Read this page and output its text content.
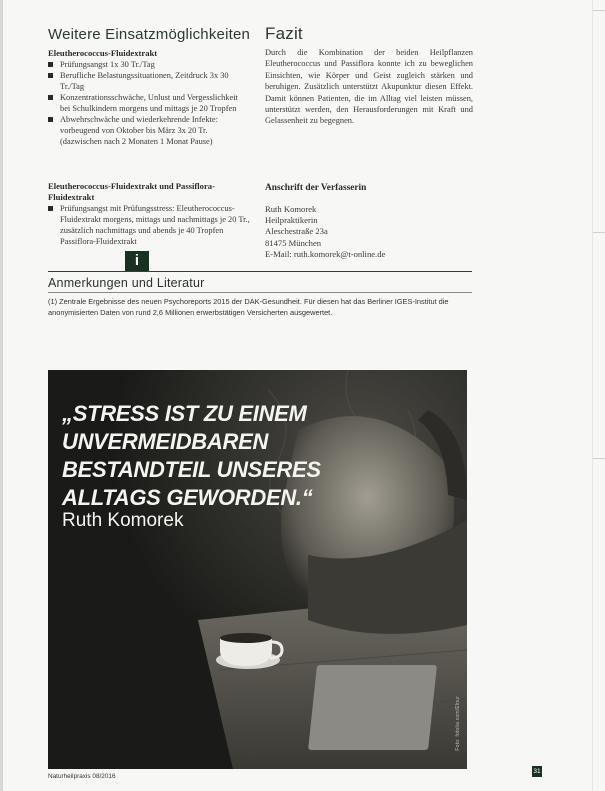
Weitere Einsatzmöglichkeiten
Eleutherococcus-Fluidextrakt
Prüfungsangst 1x 30 Tr./Tag
Berufliche Belastungssituationen, Zeitdruck 3x 30 Tr./Tag
Konzentrationsschwäche, Unlust und Vergesslichkeit bei Schulkindern morgens und mittags je 20 Tropfen
Abwehrschwäche und wiederkehrende Infekte: vorbeugend von Oktober bis März 3x 20 Tr. (dazwischen nach 2 Monaten 1 Monat Pause)
Eleutherococcus-Fluidextrakt und Passiflora-Fluidextrakt
Prüfungsangst mit Prüfungsstress: Eleutherococcus-Fluidextrakt morgens, mittags und nachmittags je 20 Tr., zusätzlich nachmittags und abends je 40 Tropfen Passiflora-Fluidextrakt
Fazit
Durch die Kombination der beiden Heilpflanzen Eleutherococcus und Passiflora konnte ich zu beweglichen Einsichten, wie Körper und Geist zugleich stärken und beruhigen. Zusätzlich unterstützt Akupunktur diesen Effekt. Damit können Patienten, die im Alltag viel leisten müssen, unterstützt werden, den Herausforderungen mit Kraft und Gelassenheit zu begegnen.
Anschrift der Verfasserin
Ruth Komorek
Heilpraktikerin
Aleschestraße 23a
81475 München
E-Mail: ruth.komorek@t-online.de
i
Anmerkungen und Literatur
(1) Zentrale Ergebnisse des neuen Psychoreports 2015 der DAK-Gesundheit. Für diesen hat das Berliner IGES-Institut die anonymisierten Daten von rund 2,6 Millionen erwerbstätigen Versicherten ausgewertet.
„STRESS IST ZU EINEM
UNVERMEIDBAREN
BESTANDTEIL UNSERES
ALLTAGS GEWORDEN.“
Ruth Komorek
Foto: fotolia.com/Elnur
Naturheilpraxis 08/2016
31
